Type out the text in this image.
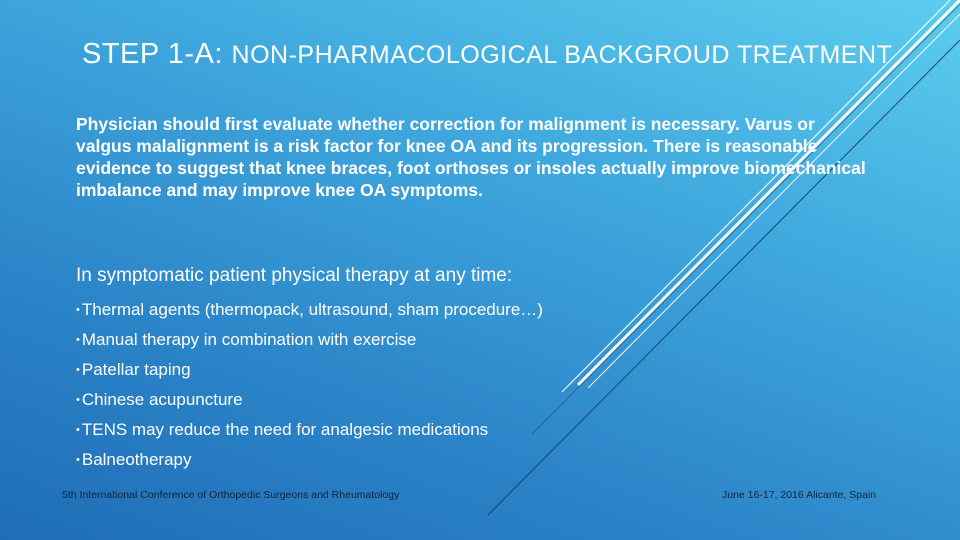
STEP 1-A: NON-PHARMACOLOGICAL BACKGROUD TREATMENT

Physician should first evaluate whether correction for malignment is necessary. Varus or valgus malalignment is a risk factor for knee OA and its progression. There is reasonable evidence to suggest that knee braces, foot orthoses or insoles actually improve biomechanical imbalance and may improve knee OA symptoms.

In symptomatic patient physical therapy at any time:

• Thermal agents (thermopack, ultrasound, sham procedure…)
• Manual therapy in combination with exercise
• Patellar taping
• Chinese acupuncture
• TENS may reduce the need for analgesic medications
• Balneotherapy
5th International Conference of Orthopedic Surgeons and Rheumatology	June 16-17, 2016 Alicante, Spain
